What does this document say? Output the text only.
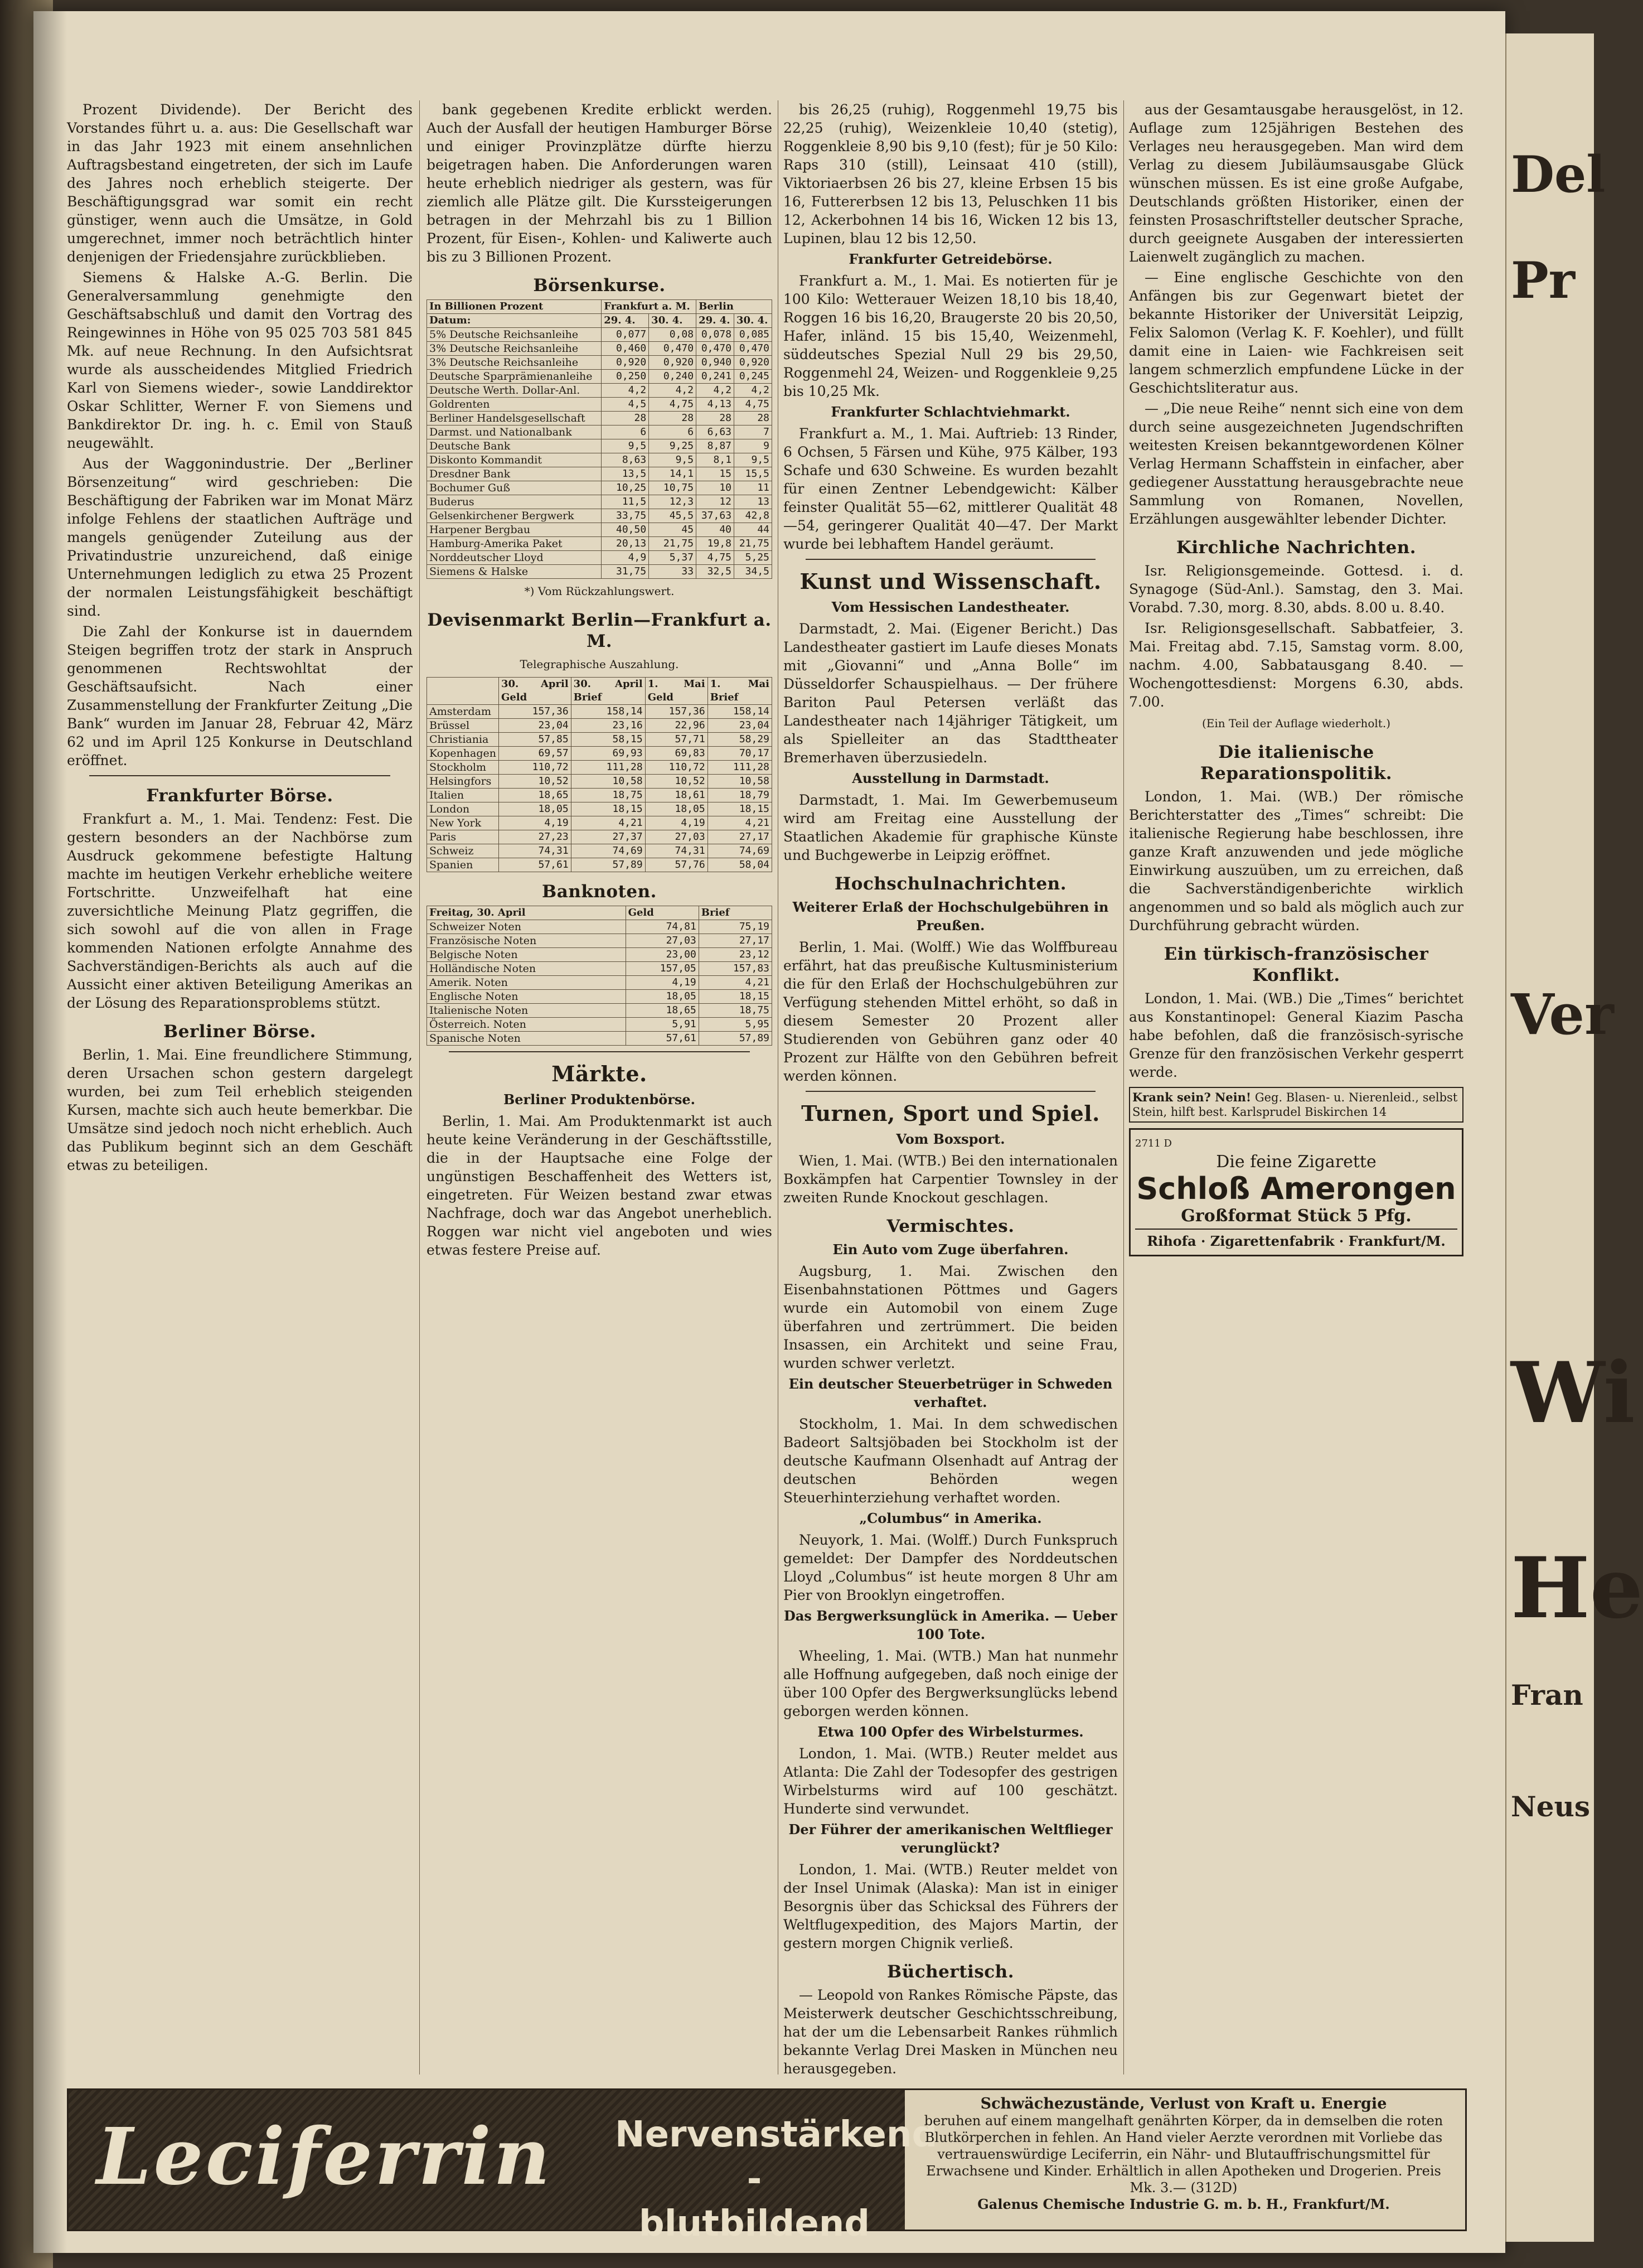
Prozent Dividende). Der Bericht des Vorstandes führt u. a. aus: Die Gesellschaft war in das Jahr 1923 mit einem ansehnlichen Auftragsbestand eingetreten, der sich im Laufe des Jahres noch erheblich steigerte. Der Beschäftigungsgrad war somit ein recht günstiger, wenn auch die Umsätze, in Gold umgerechnet, immer noch beträchtlich hinter denjenigen der Friedensjahre zurückblieben.

Siemens & Halske A.-G. Berlin. Die Generalversammlung genehmigte den Geschäftsabschluß und damit den Vortrag des Reingewinnes in Höhe von 95 025 703 581 845 Mk. auf neue Rechnung. In den Aufsichtsrat wurde als ausscheidendes Mitglied Friedrich Karl von Siemens wieder-, sowie Landdirektor Oskar Schlitter, Werner F. von Siemens und Bankdirektor Dr. ing. h. c. Emil von Stauß neugewählt.

Aus der Waggonindustrie. Der „Berliner Börsenzeitung“ wird geschrieben: Die Beschäftigung der Fabriken war im Monat März infolge Fehlens der staatlichen Aufträge und mangels genügender Zuteilung aus der Privatindustrie unzureichend, daß einige Unternehmungen lediglich zu etwa 25 Prozent der normalen Leistungsfähigkeit beschäftigt sind.

Die Zahl der Konkurse ist in dauerndem Steigen begriffen trotz der stark in Anspruch genommenen Rechtswohltat der Geschäftsaufsicht. Nach einer Zusammenstellung der Frankfurter Zeitung „Die Bank“ wurden im Januar 28, Februar 42, März 62 und im April 125 Konkurse in Deutschland eröffnet.

Frankfurter Börse.

Frankfurt a. M., 1. Mai. Tendenz: Fest. Die gestern besonders an der Nachbörse zum Ausdruck gekommene befestigte Haltung machte im heutigen Verkehr erhebliche weitere Fortschritte. Unzweifelhaft hat eine zuversichtliche Meinung Platz gegriffen, die sich sowohl auf die von allen in Frage kommenden Nationen erfolgte Annahme des Sachverständigen-Berichts als auch auf die Aussicht einer aktiven Beteiligung Amerikas an der Lösung des Reparationsproblems stützt.

Berliner Börse.

Berlin, 1. Mai. Eine freundlichere Stimmung, deren Ursachen schon gestern dargelegt wurden, bei zum Teil erheblich steigenden Kursen, machte sich auch heute bemerkbar. Die Umsätze sind jedoch noch nicht erheblich. Auch das Publikum beginnt sich an dem Geschäft etwas zu beteiligen.

bank gegebenen Kredite erblickt werden. Auch der Ausfall der heutigen Hamburger Börse und einiger Provinzplätze dürfte hierzu beigetragen haben. Die Anforderungen waren heute erheblich niedriger als gestern, was für ziemlich alle Plätze gilt. Die Kurssteigerungen betragen in der Mehrzahl bis zu 1 Billion Prozent, für Eisen-, Kohlen- und Kaliwerte auch bis zu 3 Billionen Prozent.

Börsenkurse.
In Billionen Prozent	Frankfurt a. M.		Berlin	
Datum:	29. 4.	30. 4.	29. 4.	30. 4.
5% Deutsche Reichsanleihe	0,077	0,08	0,078	0,085
3% Deutsche Reichsanleihe	0,460	0,470	0,470	0,470
3% Deutsche Reichsanleihe	0,920	0,920	0,940	0,920
Deutsche Sparprämienanleihe	0,250	0,240	0,241	0,245
Deutsche Werth. Dollar-Anl.	4,2	4,2	4,2	4,2
Goldrenten	4,5	4,75	4,13	4,75
Berliner Handelsgesellschaft	28	28	28	28
Darmst. und Nationalbank	6	6	6,63	7
Deutsche Bank	9,5	9,25	8,87	9
Diskonto Kommandit	8,63	9,5	8,1	9,5
Dresdner Bank	13,5	14,1	15	15,5
Bochumer Guß	10,25	10,75	10	11
Buderus	11,5	12,3	12	13
Gelsenkirchener Bergwerk	33,75	45,5	37,63	42,8
Harpener Bergbau	40,50	45	40	44
Hamburg-Amerika Paket	20,13	21,75	19,8	21,75
Norddeutscher Lloyd	4,9	5,37	4,75	5,25
Siemens & Halske	31,75	33	32,5	34,5
*) Vom Rückzahlungswert.
Devisenmarkt Berlin—Frankfurt a. M.
Telegraphische Auszahlung.
	30. April Geld	30. April Brief	1. Mai Geld	1. Mai Brief
Amsterdam	157,36	158,14	157,36	158,14
Brüssel	23,04	23,16	22,96	23,04
Christiania	57,85	58,15	57,71	58,29
Kopenhagen	69,57	69,93	69,83	70,17
Stockholm	110,72	111,28	110,72	111,28
Helsingfors	10,52	10,58	10,52	10,58
Italien	18,65	18,75	18,61	18,79
London	18,05	18,15	18,05	18,15
New York	4,19	4,21	4,19	4,21
Paris	27,23	27,37	27,03	27,17
Schweiz	74,31	74,69	74,31	74,69
Spanien	57,61	57,89	57,76	58,04
Banknoten.
Freitag, 30. April	Geld	Brief
Schweizer Noten	74,81	75,19
Französische Noten	27,03	27,17
Belgische Noten	23,00	23,12
Holländische Noten	157,05	157,83
Amerik. Noten	4,19	4,21
Englische Noten	18,05	18,15
Italienische Noten	18,65	18,75
Österreich. Noten	5,91	5,95
Spanische Noten	57,61	57,89
Märkte.
Berliner Produktenbörse.

Berlin, 1. Mai. Am Produktenmarkt ist auch heute keine Veränderung in der Geschäftsstille, die in der Hauptsache eine Folge der ungünstigen Beschaffenheit des Wetters ist, eingetreten. Für Weizen bestand zwar etwas Nachfrage, doch war das Angebot unerheblich. Roggen war nicht viel angeboten und wies etwas festere Preise auf.

bis 26,25 (ruhig), Roggenmehl 19,75 bis 22,25 (ruhig), Weizenkleie 10,40 (stetig), Roggenkleie 8,90 bis 9,10 (fest); für je 50 Kilo: Raps 310 (still), Leinsaat 410 (still), Viktoriaerbsen 26 bis 27, kleine Erbsen 15 bis 16, Futtererbsen 12 bis 13, Peluschken 11 bis 12, Ackerbohnen 14 bis 16, Wicken 12 bis 13, Lupinen, blau 12 bis 12,50.

Frankfurter Getreidebörse.

Frankfurt a. M., 1. Mai. Es notierten für je 100 Kilo: Wetterauer Weizen 18,10 bis 18,40, Roggen 16 bis 16,20, Braugerste 20 bis 20,50, Hafer, inländ. 15 bis 15,40, Weizenmehl, süddeutsches Spezial Null 29 bis 29,50, Roggenmehl 24, Weizen- und Roggenkleie 9,25 bis 10,25 Mk.

Frankfurter Schlachtviehmarkt.

Frankfurt a. M., 1. Mai. Auftrieb: 13 Rinder, 6 Ochsen, 5 Färsen und Kühe, 975 Kälber, 193 Schafe und 630 Schweine. Es wurden bezahlt für einen Zentner Lebendgewicht: Kälber feinster Qualität 55—62, mittlerer Qualität 48—54, geringerer Qualität 40—47. Der Markt wurde bei lebhaftem Handel geräumt.

Kunst und Wissenschaft.
Vom Hessischen Landestheater.

Darmstadt, 2. Mai. (Eigener Bericht.) Das Landestheater gastiert im Laufe dieses Monats mit „Giovanni“ und „Anna Bolle“ im Düsseldorfer Schauspielhaus. — Der frühere Bariton Paul Petersen verläßt das Landestheater nach 14jähriger Tätigkeit, um als Spielleiter an das Stadttheater Bremerhaven überzusiedeln.

Ausstellung in Darmstadt.

Darmstadt, 1. Mai. Im Gewerbemuseum wird am Freitag eine Ausstellung der Staatlichen Akademie für graphische Künste und Buchgewerbe in Leipzig eröffnet.

Hochschulnachrichten.
Weiterer Erlaß der Hochschulgebühren in Preußen.

Berlin, 1. Mai. (Wolff.) Wie das Wolffbureau erfährt, hat das preußische Kultusministerium die für den Erlaß der Hochschulgebühren zur Verfügung stehenden Mittel erhöht, so daß in diesem Semester 20 Prozent aller Studierenden von Gebühren ganz oder 40 Prozent zur Hälfte von den Gebühren befreit werden können.

Turnen, Sport und Spiel.
Vom Boxsport.

Wien, 1. Mai. (WTB.) Bei den internationalen Boxkämpfen hat Carpentier Townsley in der zweiten Runde Knockout geschlagen.

Vermischtes.
Ein Auto vom Zuge überfahren.

Augsburg, 1. Mai. Zwischen den Eisenbahnstationen Pöttmes und Gagers wurde ein Automobil von einem Zuge überfahren und zertrümmert. Die beiden Insassen, ein Architekt und seine Frau, wurden schwer verletzt.

Ein deutscher Steuerbetrüger in Schweden verhaftet.

Stockholm, 1. Mai. In dem schwedischen Badeort Saltsjöbaden bei Stockholm ist der deutsche Kaufmann Olsenhadt auf Antrag der deutschen Behörden wegen Steuerhinterziehung verhaftet worden.

„Columbus“ in Amerika.

Neuyork, 1. Mai. (Wolff.) Durch Funkspruch gemeldet: Der Dampfer des Norddeutschen Lloyd „Columbus“ ist heute morgen 8 Uhr am Pier von Brooklyn eingetroffen.

Das Bergwerksunglück in Amerika. — Ueber 100 Tote.

Wheeling, 1. Mai. (WTB.) Man hat nunmehr alle Hoffnung aufgegeben, daß noch einige der über 100 Opfer des Bergwerksunglücks lebend geborgen werden können.

Etwa 100 Opfer des Wirbelsturmes.

London, 1. Mai. (WTB.) Reuter meldet aus Atlanta: Die Zahl der Todesopfer des gestrigen Wirbelsturms wird auf 100 geschätzt. Hunderte sind verwundet.

Der Führer der amerikanischen Weltflieger verunglückt?

London, 1. Mai. (WTB.) Reuter meldet von der Insel Unimak (Alaska): Man ist in einiger Besorgnis über das Schicksal des Führers der Weltflugexpedition, des Majors Martin, der gestern morgen Chignik verließ.

Büchertisch.

— Leopold von Rankes Römische Päpste, das Meisterwerk deutscher Geschichtsschreibung, hat der um die Lebensarbeit Rankes rühmlich bekannte Verlag Drei Masken in München neu herausgegeben.

aus der Gesamtausgabe herausgelöst, in 12. Auflage zum 125jährigen Bestehen des Verlages neu herausgegeben. Man wird dem Verlag zu diesem Jubiläumsausgabe Glück wünschen müssen. Es ist eine große Aufgabe, Deutschlands größten Historiker, einen der feinsten Prosaschriftsteller deutscher Sprache, durch geeignete Ausgaben der interessierten Laienwelt zugänglich zu machen.

— Eine englische Geschichte von den Anfängen bis zur Gegenwart bietet der bekannte Historiker der Universität Leipzig, Felix Salomon (Verlag K. F. Koehler), und füllt damit eine in Laien- wie Fachkreisen seit langem schmerzlich empfundene Lücke in der Geschichtsliteratur aus.

— „Die neue Reihe“ nennt sich eine von dem durch seine ausgezeichneten Jugendschriften weitesten Kreisen bekanntgewordenen Kölner Verlag Hermann Schaffstein in einfacher, aber gediegener Ausstattung herausgebrachte neue Sammlung von Romanen, Novellen, Erzählungen ausgewählter lebender Dichter.

Kirchliche Nachrichten.

Isr. Religionsgemeinde. Gottesd. i. d. Synagoge (Süd-Anl.). Samstag, den 3. Mai. Vorabd. 7.30, morg. 8.30, abds. 8.00 u. 8.40.

Isr. Religionsgesellschaft. Sabbatfeier, 3. Mai. Freitag abd. 7.15, Samstag vorm. 8.00, nachm. 4.00, Sabbatausgang 8.40. — Wochengottesdienst: Morgens 6.30, abds. 7.00.

(Ein Teil der Auflage wiederholt.)
Die italienische Reparationspolitik.

London, 1. Mai. (WB.) Der römische Berichterstatter des „Times“ schreibt: Die italienische Regierung habe beschlossen, ihre ganze Kraft anzuwenden und jede mögliche Einwirkung auszuüben, um zu erreichen, daß die Sachverständigenberichte wirklich angenommen und so bald als möglich auch zur Durchführung gebracht würden.

Ein türkisch-französischer Konflikt.

London, 1. Mai. (WB.) Die „Times“ berichtet aus Konstantinopel: General Kiazim Pascha habe befohlen, daß die französisch-syrische Grenze für den französischen Verkehr gesperrt werde.

Krank sein? Nein! Geg. Blasen- u. Nierenleid., selbst Stein, hilft best. Karlsprudel Biskirchen 14
2711 D
Die feine Zigarette
Schloß Amerongen
Großformat Stück 5 Pfg.
Rihofa · Zigarettenfabrik · Frankfurt/M.
Leciferrin Nervenstärkend -
blutbildend
Schwächezustände, Verlust von Kraft u. Energie
beruhen auf einem mangelhaft genährten Körper, da in demselben die roten Blutkörperchen in fehlen. An Hand vieler Aerzte verordnen mit Vorliebe das vertrauenswürdige Leciferrin, ein Nähr- und Blutauffrischungsmittel für Erwachsene und Kinder. Erhältlich in allen Apotheken und Drogerien. Preis Mk. 3.— (312D)
Galenus Chemische Industrie G. m. b. H., Frankfurt/M.
Del
Pr
Ver
Fran
Neus
Wi
He
